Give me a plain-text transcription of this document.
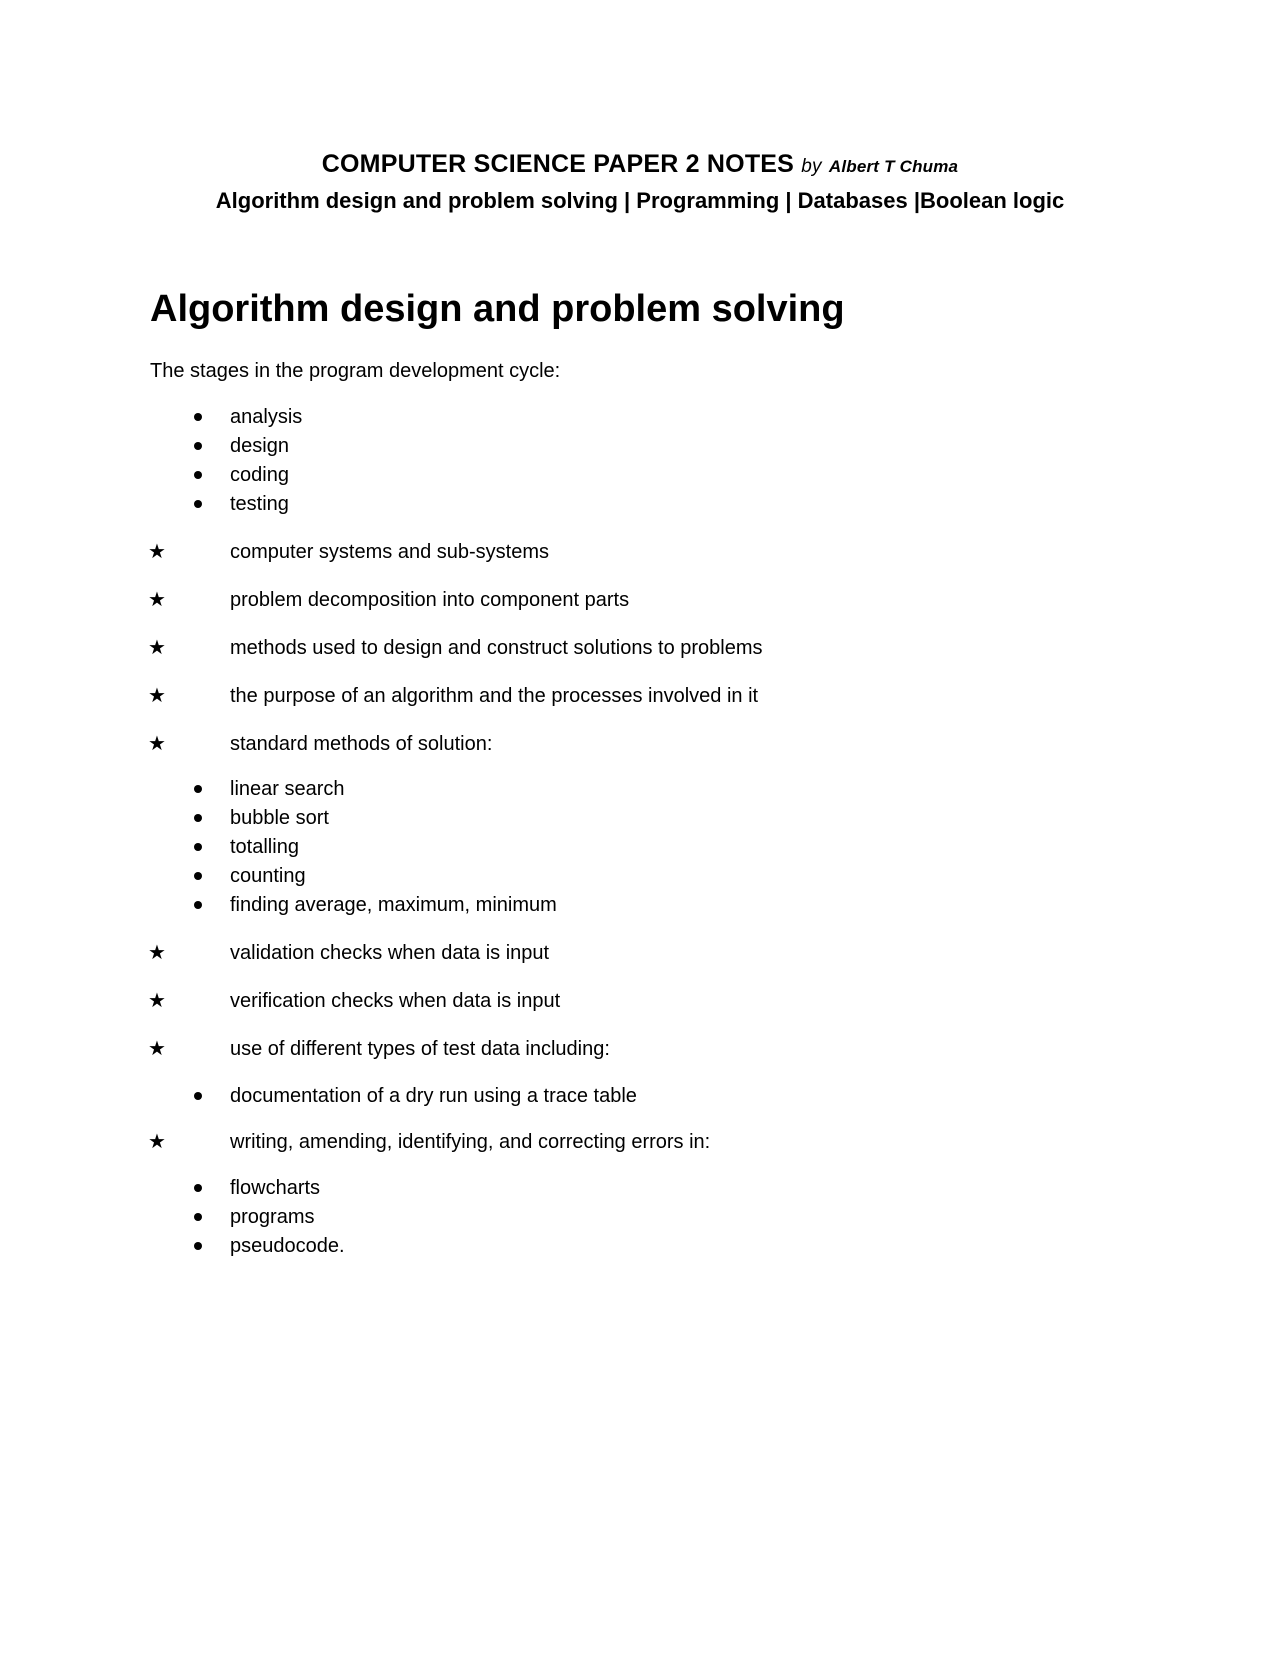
COMPUTER SCIENCE PAPER 2 NOTES by Albert T Chuma
Algorithm design and problem solving | Programming | Databases |Boolean logic
Algorithm design and problem solving
The stages in the program development cycle:
analysis
design
coding
testing
★	computer systems and sub-systems
★	problem decomposition into component parts
★	methods used to design and construct solutions to problems
★	the purpose of an algorithm and the processes involved in it
★	standard methods of solution:
linear search
bubble sort
totalling
counting
finding average, maximum, minimum
★	validation checks when data is input
★	verification checks when data is input
★	use of different types of test data including:
documentation of a dry run using a trace table
★	writing, amending, identifying, and correcting errors in:
flowcharts
programs
pseudocode.
